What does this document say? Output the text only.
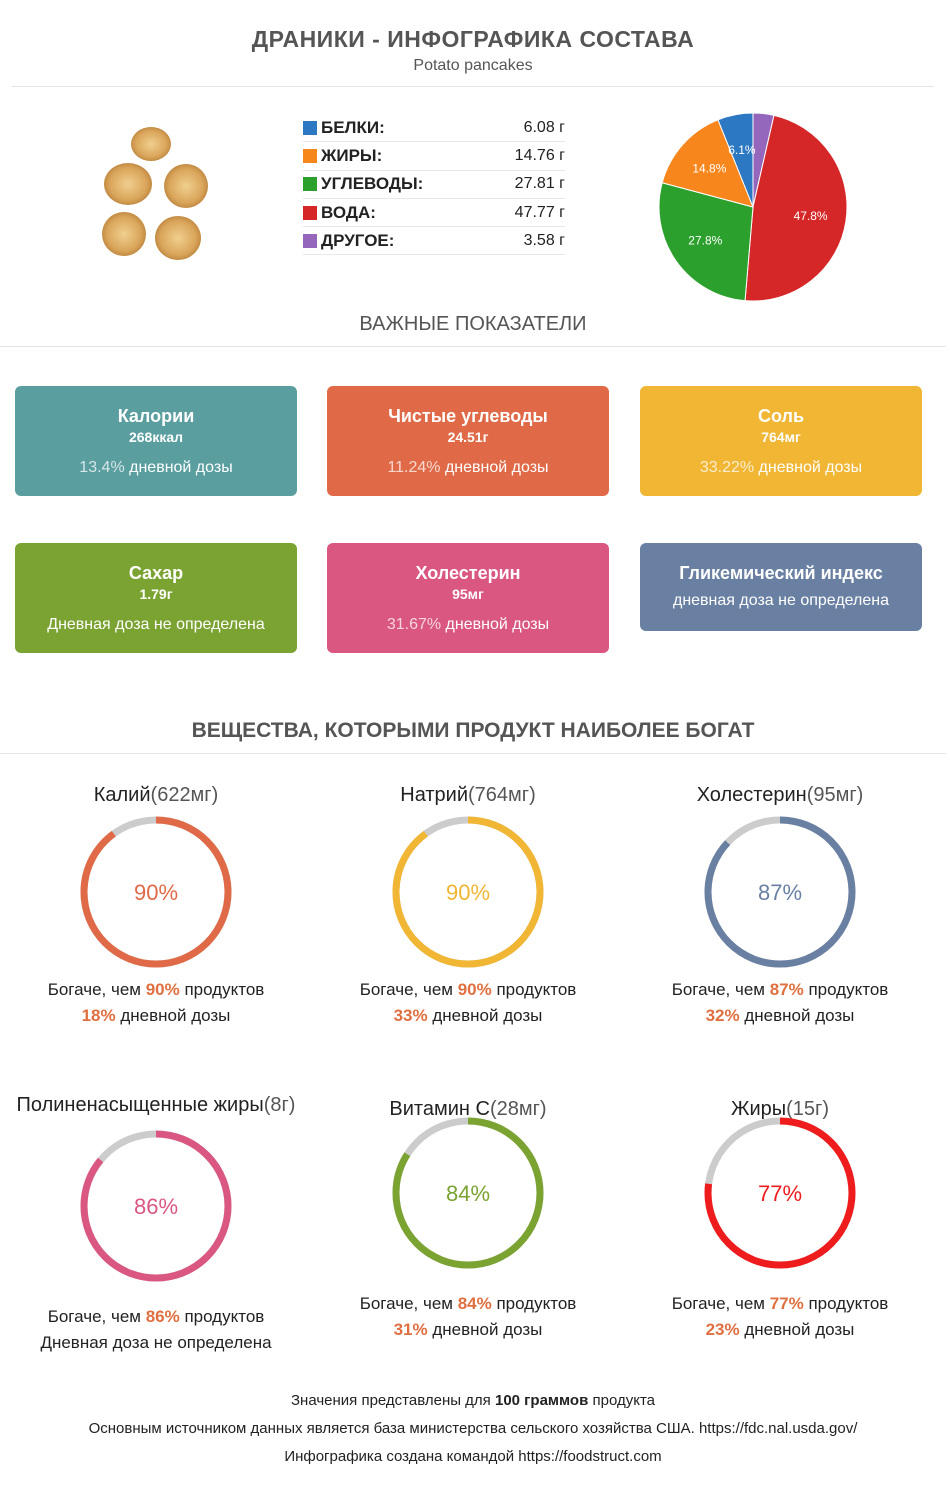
ДРАНИКИ - ИНФОГРАФИКА СОСТАВА
Potato pancakes
БЕЛКИ:	6.08 г
ЖИРЫ:	14.76 г
УГЛЕВОДЫ:	27.81 г
ВОДА:	47.77 г
ДРУГОЕ:	3.58 г
47.8%
27.8%
14.8%
6.1%
ВАЖНЫЕ ПОКАЗАТЕЛИ
Калории
268ккал
13.4% дневной дозы
Чистые углеводы
24.51г
11.24% дневной дозы
Соль
764мг
33.22% дневной дозы
Сахар
1.79г
Дневная доза не определена
Холестерин
95мг
31.67% дневной дозы
Гликемический индекс
дневная доза не определена
ВЕЩЕСТВА, КОТОРЫМИ ПРОДУКТ НАИБОЛЕЕ БОГАТ
Калий(622мг)
90%
Богаче, чем 90% продуктов
18% дневной дозы
Натрий(764мг)
90%
Богаче, чем 90% продуктов
33% дневной дозы
Холестерин(95мг)
87%
Богаче, чем 87% продуктов
32% дневной дозы
Полиненасыщенные жиры(8г)
86%
Богаче, чем 86% продуктов
Дневная доза не определена
Витамин C(28мг)
84%
Богаче, чем 84% продуктов
31% дневной дозы
Жиры(15г)
77%
Богаче, чем 77% продуктов
23% дневной дозы
Значения представлены для 100 граммов продукта
Основным источником данных является база министерства сельского хозяйства США. https://fdc.nal.usda.gov/
Инфографика создана командой https://foodstruct.com
